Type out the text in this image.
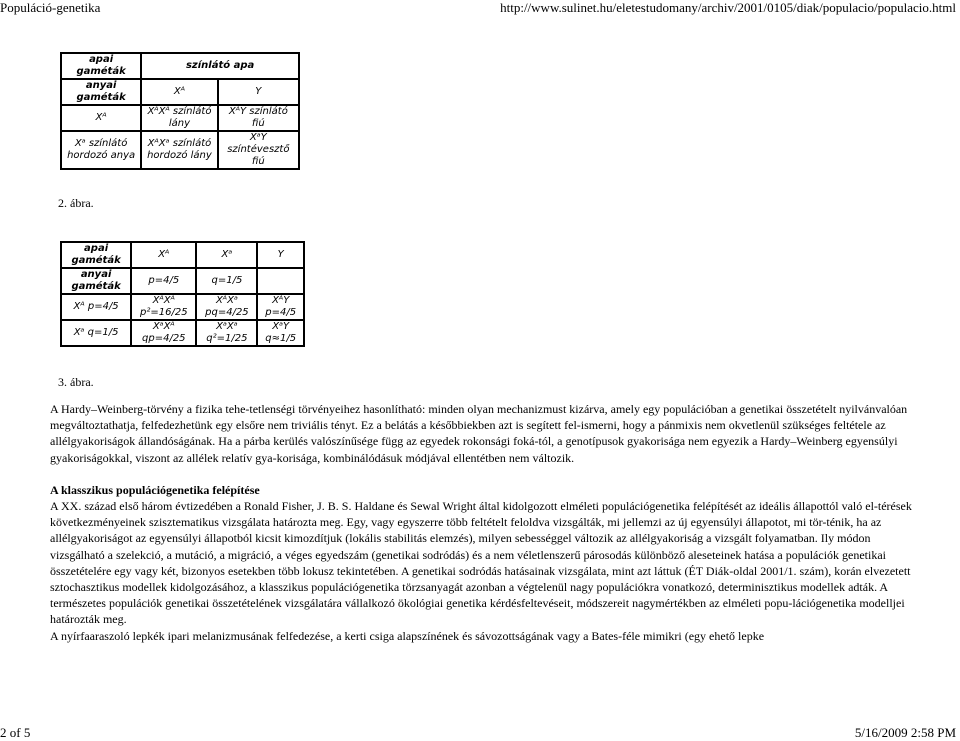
Populáció-genetika	http://www.sulinet.hu/eletestudomany/archiv/2001/0105/diak/populacio/populacio.html
apai gaméták	színlátó apa	
anyai gaméták	Xᴬ	Y
Xᴬ	XᴬXᴬ színlátó lány	XᴬY színlátó fiú
Xᵃ színlátó hordozó anya	XᴬXᵃ színlátó hordozó lány	XᵃY színtévesztő fiú
2. ábra.
apai gaméták	Xᴬ	Xᵃ	Y
anyai gaméták	p=4/5	q=1/5	
Xᴬ p=4/5	XᴬXᴬ p²=16/25	XᴬXᵃ pq=4/25	XᴬY p=4/5
Xᵃ q=1/5	XᵃXᴬ qp=4/25	XᵃXᵃ q²=1/25	XᵃY q≈1/5
3. ábra.

A Hardy–Weinberg-törvény a fizika tehe-tetlenségi törvényeihez hasonlítható: minden olyan mechanizmust kizárva, amely egy populációban a genetikai összetételt nyilvánvalóan megváltoztathatja, felfedezhetünk egy elsőre nem triviális tényt. Ez a belátás a későbbiekben azt is segített fel-ismerni, hogy a pánmixis nem okvetlenül szükséges feltétele az allélgyakoriságok állandóságának. Ha a párba kerülés valószínűsége függ az egyedek rokonsági foká-tól, a genotípusok gyakorisága nem egyezik a Hardy–Weinberg egyensúlyi gyakoriságokkal, viszont az allélek relatív gya-korisága, kombinálódásuk módjával ellentétben nem változik.

A klasszikus populációgenetika felépítése

A XX. század első három évtizedében a Ronald Fisher, J. B. S. Haldane és Sewal Wright által kidolgozott elméleti populációgenetika felépítését az ideális állapottól való el-térések következményeinek szisztematikus vizsgálata határozta meg. Egy, vagy egyszerre több feltételt feloldva vizsgálták, mi jellemzi az új egyensúlyi állapotot, mi tör-ténik, ha az allélgyakoriságot az egyensúlyi állapotból kicsit kimozdítjuk (lokális stabilitás elemzés), milyen sebességgel változik az allélgyakoriság a vizsgált folyamatban. Ily módon vizsgálható a szelekció, a mutáció, a migráció, a véges egyedszám (genetikai sodródás) és a nem véletlenszerű párosodás különböző aleseteinek hatása a populációk genetikai összetételére egy vagy két, bizonyos esetekben több lokusz tekintetében. A genetikai sodródás hatásainak vizsgálata, mint azt láttuk (ÉT Diák-oldal 2001/1. szám), korán elvezetett sztochasztikus modellek kidolgozásához, a klasszikus populációgenetika törzsanyagát azonban a végtelenül nagy populációkra vonatkozó, determinisztikus modellek adták. A természetes populációk genetikai összetételének vizsgálatára vállalkozó ökológiai genetika kérdésfeltevéseit, módszereit nagymértékben az elméleti popu-lációgenetika modelljei határozták meg.

A nyírfaaraszoló lepkék ipari melanizmusának felfedezése, a kerti csiga alapszínének és sávozottságának vagy a Bates-féle mimikri (egy ehető lepke

2 of 5	5/16/2009 2:58 PM
